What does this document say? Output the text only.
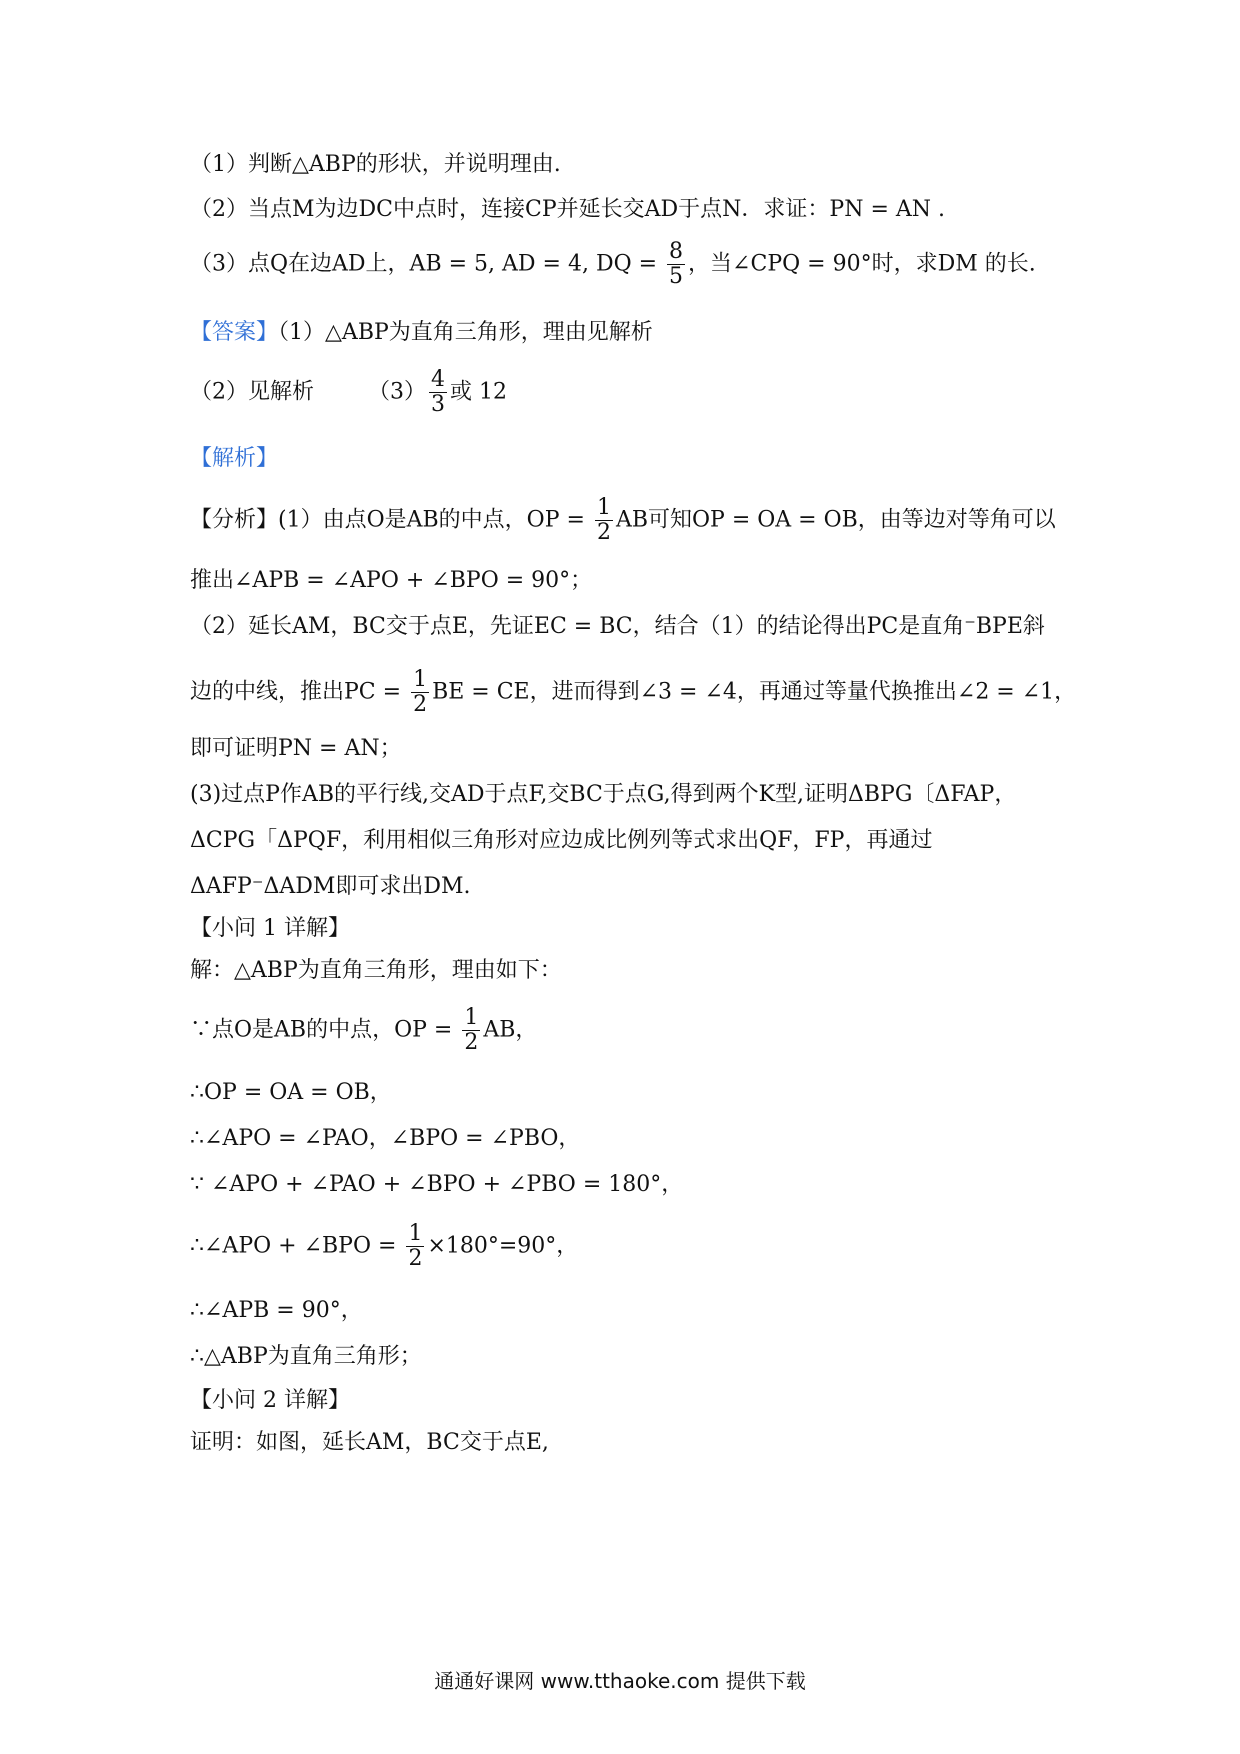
（1）判断△ABP的形状，并说明理由.
（2）当点M为边DC中点时，连接CP并延长交AD于点N．求证：PN = AN .
（3）点Q在边AD上，AB = 5, AD = 4, DQ = $\frac{8}{5}$ ，当∠CPQ = 90°时，求DM 的长.
【答案】（1）△ABP为直角三角形，理由见解析
（2）见解析 $(3) \frac{4}{3}$ 或 12
【解析】
【分析】(1）由点O是AB的中点，OP = $\frac{1}{2}$ AB可知OP = OA = OB，由等边对等角可以
推出∠APB = ∠APO + ∠BPO = 90°；
（2）延长AM，BC交于点E，先证EC = BC，结合（1）的结论得出PC是直角⁻BPE斜
边的中线，推出PC = $\frac{1}{2}$ BE = CE，进而得到∠3 = ∠4，再通过等量代换推出∠2 = ∠1，
即可证明PN = AN；
(3)过点P作AB的平行线,交AD于点F,交BC于点G,得到两个K型,证明ΔBPG〔ΔFAP，
ΔCPG「ΔPQF，利用相似三角形对应边成比例列等式求出QF，FP，再通过
ΔAFP⁻ΔADM即可求出DM.
【小问 1 详解】
解：△ABP为直角三角形，理由如下：
∵点O是AB的中点，OP = $\frac{1}{2}$ AB，
∴OP = OA = OB，
∴∠APO = ∠PAO，∠BPO = ∠PBO，
∵ ∠APO + ∠PAO + ∠BPO + ∠PBO = 180°，
∴∠APO + ∠BPO = $\frac{1}{2} \times 180^\circ=90^\circ$，
∴∠APB = 90°，
∴△ABP为直角三角形；
【小问 2 详解】
证明：如图，延长AM，BC交于点E,
通通好课网 www.tthaoke.com 提供下载
